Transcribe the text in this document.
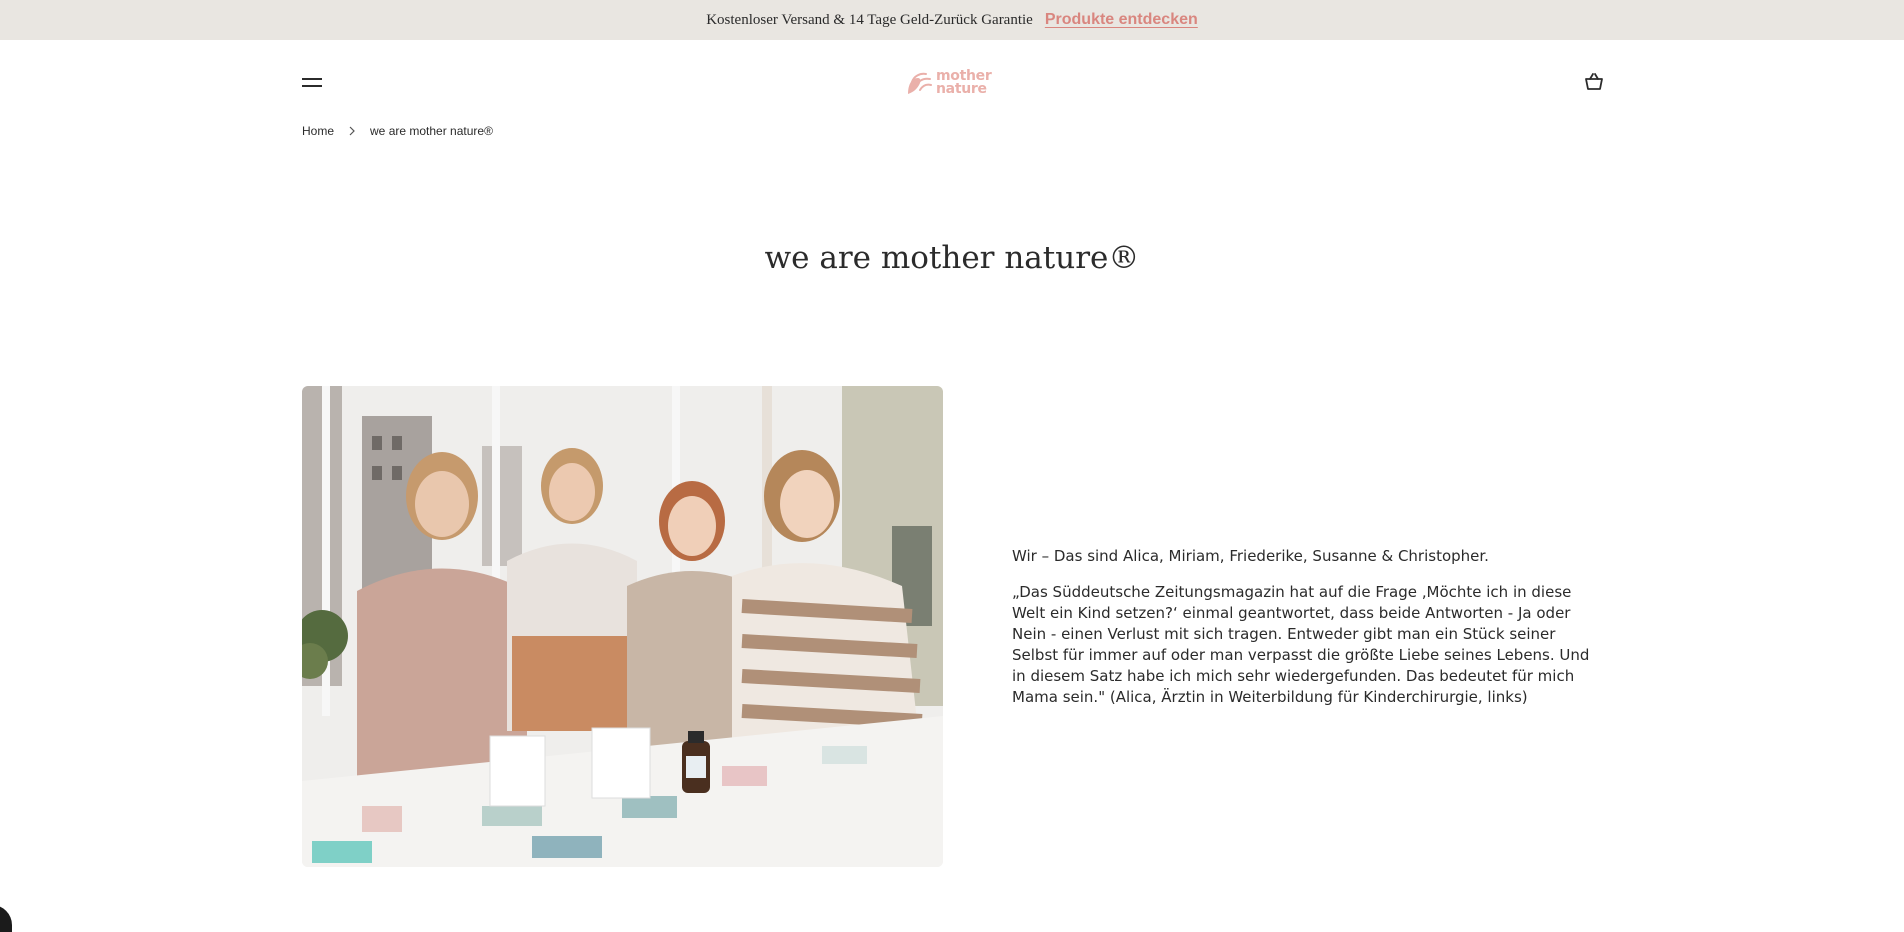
Kostenloser Versand & 14 Tage Geld-Zurück Garantie Produkte entdecken
mother
nature
Home	we are mother nature®
we are mother nature®

Wir – Das sind Alica, Miriam, Friederike, Susanne & Christopher.

„Das Süddeutsche Zeitungsmagazin hat auf die Frage ‚Möchte ich in diese Welt ein Kind setzen?‘ einmal geantwortet, dass beide Antworten - Ja oder Nein - einen Verlust mit sich tragen. Entweder gibt man ein Stück seiner Selbst für immer auf oder man verpasst die größte Liebe seines Lebens. Und in diesem Satz habe ich mich sehr wiedergefunden. Das bedeutet für mich Mama sein." (Alica, Ärztin in Weiterbildung für Kinderchirurgie, links)
